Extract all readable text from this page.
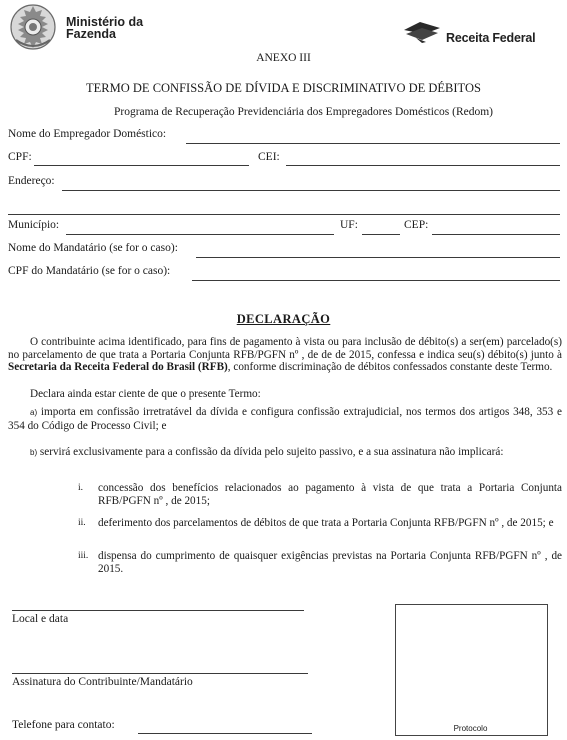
Ministério da
Fazenda	Receita Federal
ANEXO III
TERMO DE CONFISSÃO DE DÍVIDA E DISCRIMINATIVO DE DÉBITOS
Programa de Recuperação Previdenciária dos Empregadores Domésticos (Redom)
Nome do Empregador Doméstico:
CPF:	CEI:
Endereço:
Município:	UF:	CEP:
Nome do Mandatário (se for o caso):
CPF do Mandatário (se for o caso):
DECLARAÇÃO
O contribuinte acima identificado, para fins de pagamento à vista ou para inclusão de débito(s) a ser(em) parcelado(s) no parcelamento de que trata a Portaria Conjunta RFB/PGFN nº , de de de 2015, confessa e indica seu(s) débito(s) junto à Secretaria da Receita Federal do Brasil (RFB), conforme discriminação de débitos confessados constante deste Termo.
Declara ainda estar ciente de que o presente Termo:
a) importa em confissão irretratável da dívida e configura confissão extrajudicial, nos termos dos artigos 348, 353 e 354 do Código de Processo Civil; e
b) servirá exclusivamente para a confissão da dívida pelo sujeito passivo, e a sua assinatura não implicará:
i. concessão dos benefícios relacionados ao pagamento à vista de que trata a Portaria Conjunta RFB/PGFN nº , de 2015;
ii. deferimento dos parcelamentos de débitos de que trata a Portaria Conjunta RFB/PGFN nº , de 2015; e
iii. dispensa do cumprimento de quaisquer exigências previstas na Portaria Conjunta RFB/PGFN nº , de 2015.
Local e data
Assinatura do Contribuinte/Mandatário
Telefone para contato:	Protocolo
